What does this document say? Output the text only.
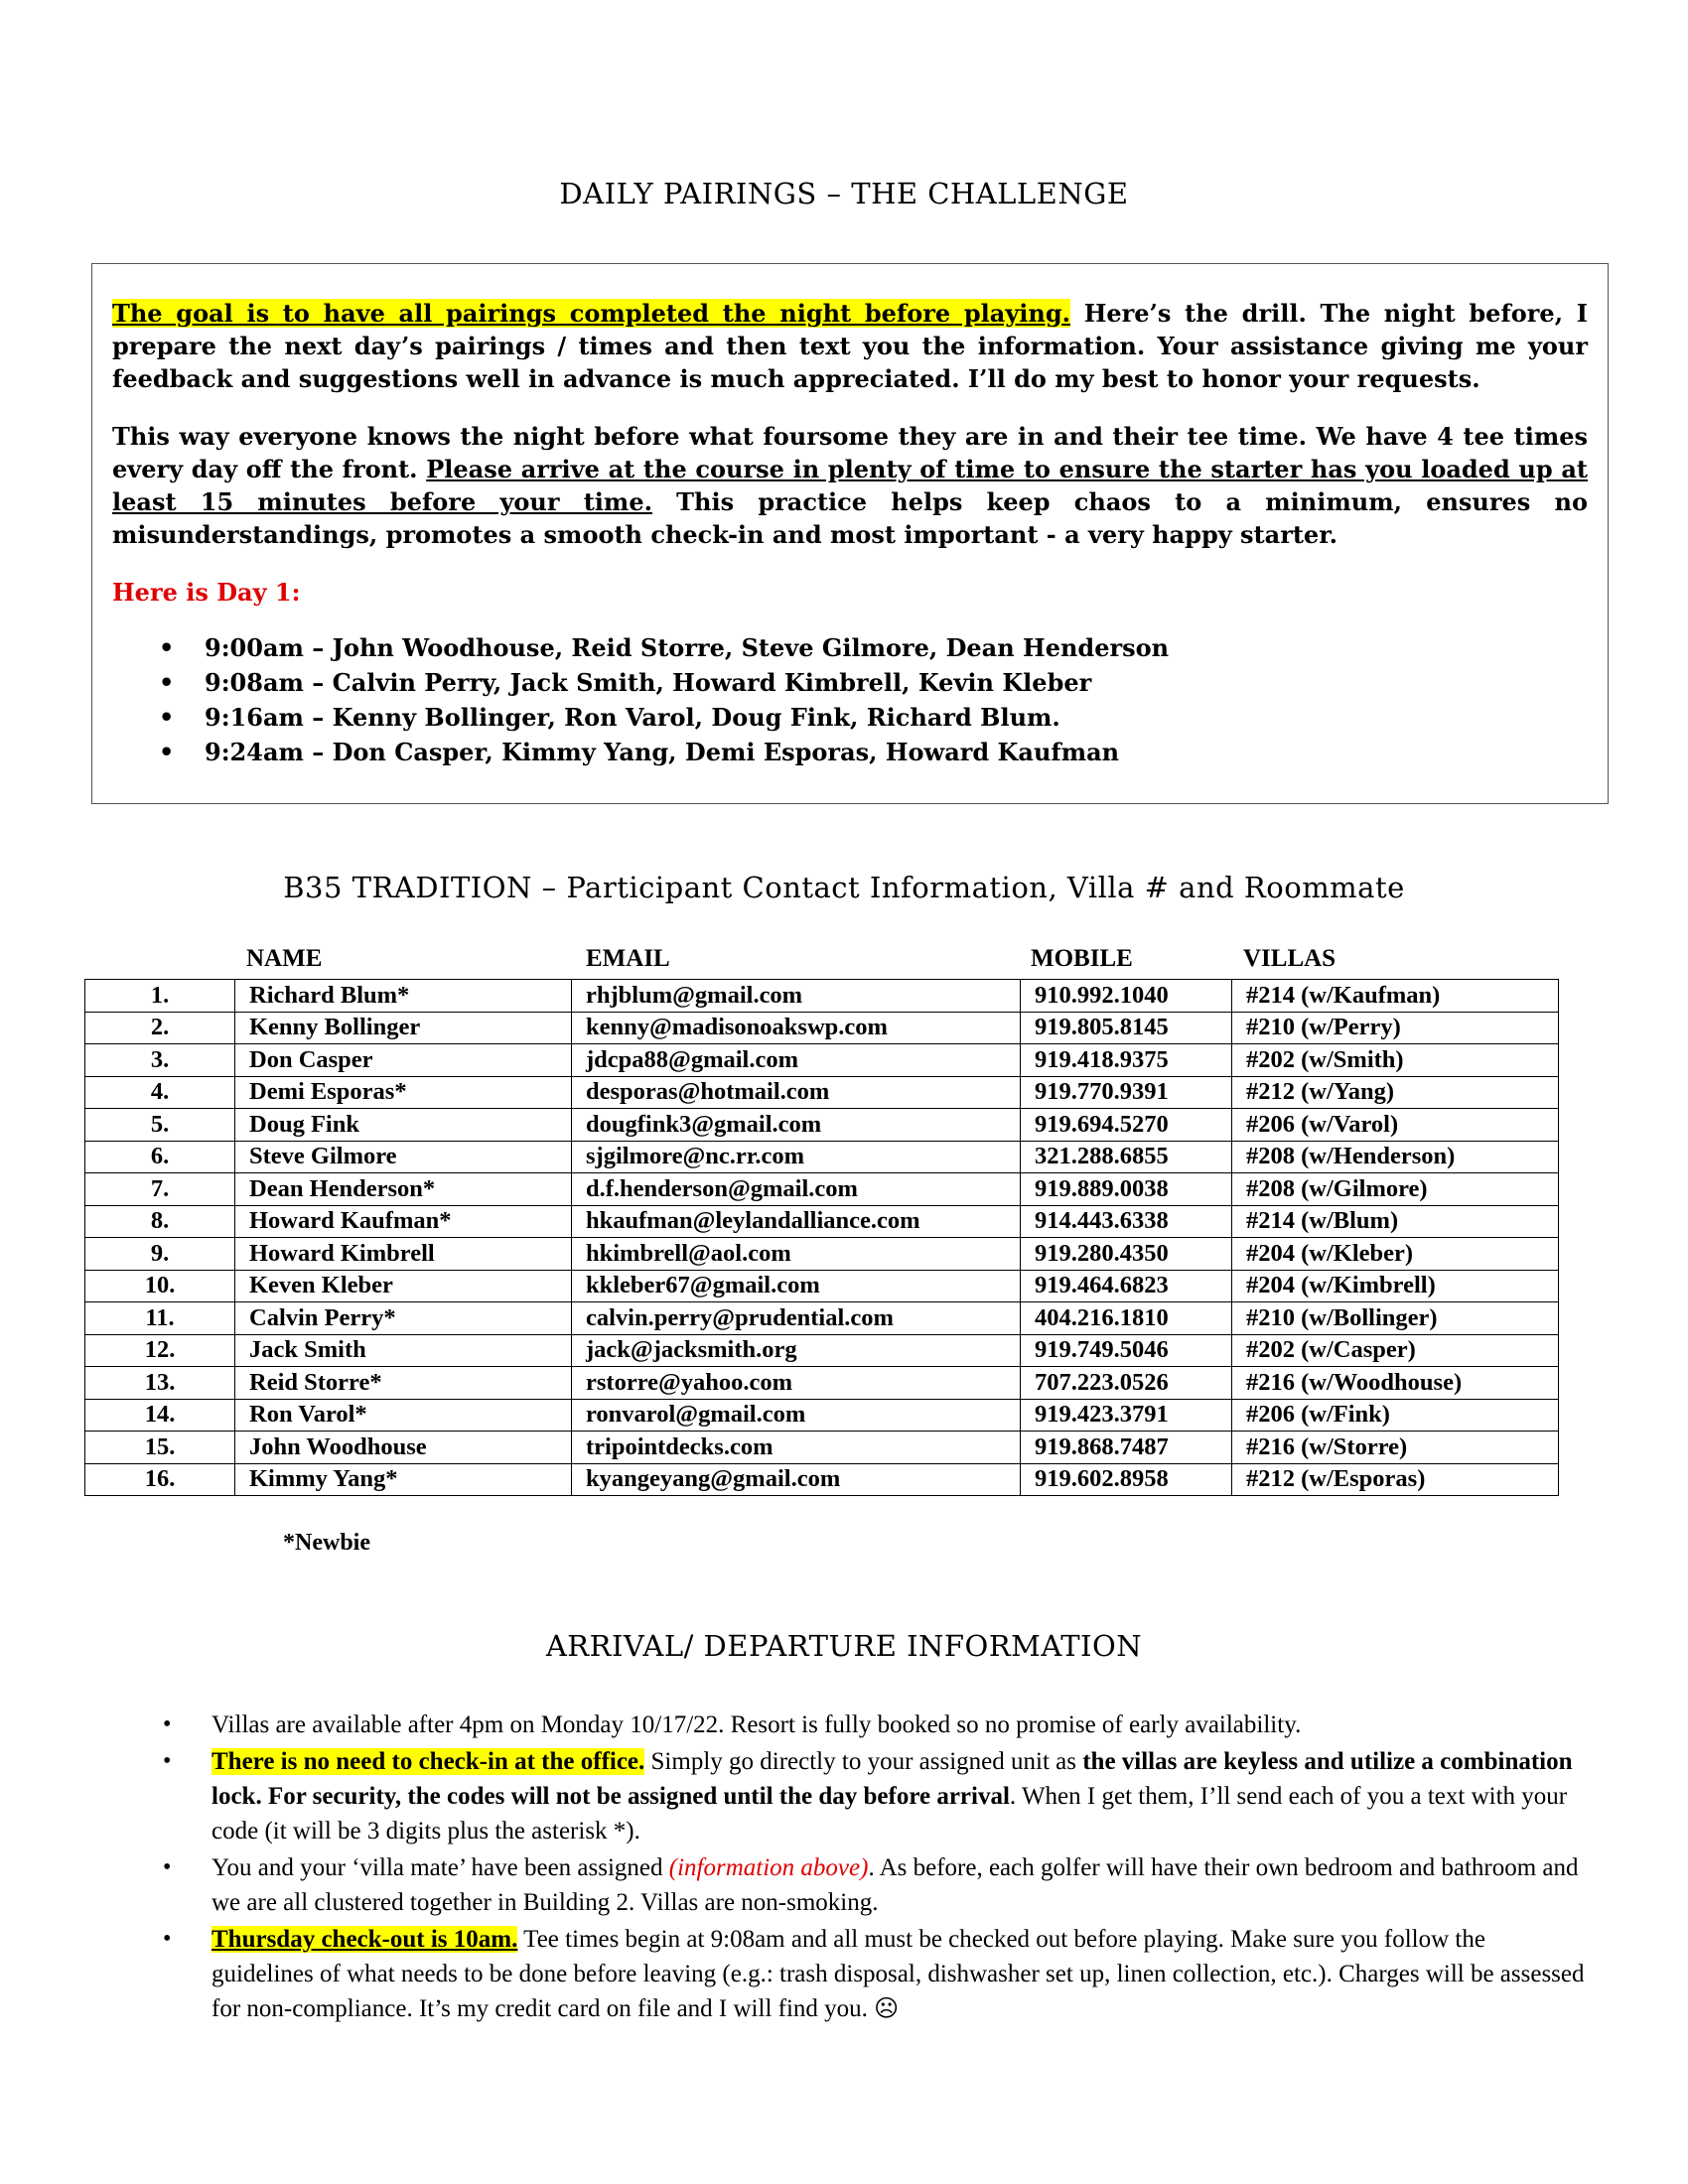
DAILY PAIRINGS – THE CHALLENGE

The goal is to have all pairings completed the night before playing. Here’s the drill. The night before, I prepare the next day’s pairings / times and then text you the information. Your assistance giving me your feedback and suggestions well in advance is much appreciated. I’ll do my best to honor your requests.

This way everyone knows the night before what foursome they are in and their tee time. We have 4 tee times every day off the front. Please arrive at the course in plenty of time to ensure the starter has you loaded up at least 15 minutes before your time. This practice helps keep chaos to a minimum, ensures no misunderstandings, promotes a smooth check-in and most important - a very happy starter.

Here is Day 1:

• 9:00am – John Woodhouse, Reid Storre, Steve Gilmore, Dean Henderson
• 9:08am – Calvin Perry, Jack Smith, Howard Kimbrell, Kevin Kleber
• 9:16am – Kenny Bollinger, Ron Varol, Doug Fink, Richard Blum.
• 9:24am – Don Casper, Kimmy Yang, Demi Esporas, Howard Kaufman
B35 TRADITION – Participant Contact Information, Villa # and Roommate
NAME	EMAIL	MOBILE	VILLAS
1.	Richard Blum*	rhjblum@gmail.com	910.992.1040	#214 (w/Kaufman)
2.	Kenny Bollinger	kenny@madisonoakswp.com	919.805.8145	#210 (w/Perry)
3.	Don Casper	jdcpa88@gmail.com	919.418.9375	#202 (w/Smith)
4.	Demi Esporas*	desporas@hotmail.com	919.770.9391	#212 (w/Yang)
5.	Doug Fink	dougfink3@gmail.com	919.694.5270	#206 (w/Varol)
6.	Steve Gilmore	sjgilmore@nc.rr.com	321.288.6855	#208 (w/Henderson)
7.	Dean Henderson*	d.f.henderson@gmail.com	919.889.0038	#208 (w/Gilmore)
8.	Howard Kaufman*	hkaufman@leylandalliance.com	914.443.6338	#214 (w/Blum)
9.	Howard Kimbrell	hkimbrell@aol.com	919.280.4350	#204 (w/Kleber)
10.	Keven Kleber	kkleber67@gmail.com	919.464.6823	#204 (w/Kimbrell)
11.	Calvin Perry*	calvin.perry@prudential.com	404.216.1810	#210 (w/Bollinger)
12.	Jack Smith	jack@jacksmith.org	919.749.5046	#202 (w/Casper)
13.	Reid Storre*	rstorre@yahoo.com	707.223.0526	#216 (w/Woodhouse)
14.	Ron Varol*	ronvarol@gmail.com	919.423.3791	#206 (w/Fink)
15.	John Woodhouse	tripointdecks.com	919.868.7487	#216 (w/Storre)
16.	Kimmy Yang*	kyangeyang@gmail.com	919.602.8958	#212 (w/Esporas)
*Newbie
ARRIVAL/ DEPARTURE INFORMATION
• Villas are available after 4pm on Monday 10/17/22. Resort is fully booked so no promise of early availability.
• There is no need to check-in at the office. Simply go directly to your assigned unit as the villas are keyless and utilize a combination lock. For security, the codes will not be assigned until the day before arrival. When I get them, I’ll send each of you a text with your code (it will be 3 digits plus the asterisk *).
• You and your ‘villa mate’ have been assigned (information above). As before, each golfer will have their own bedroom and bathroom and we are all clustered together in Building 2. Villas are non-smoking.
• Thursday check-out is 10am. Tee times begin at 9:08am and all must be checked out before playing. Make sure you follow the guidelines of what needs to be done before leaving (e.g.: trash disposal, dishwasher set up, linen collection, etc.). Charges will be assessed for non-compliance. It’s my credit card on file and I will find you. ☹
